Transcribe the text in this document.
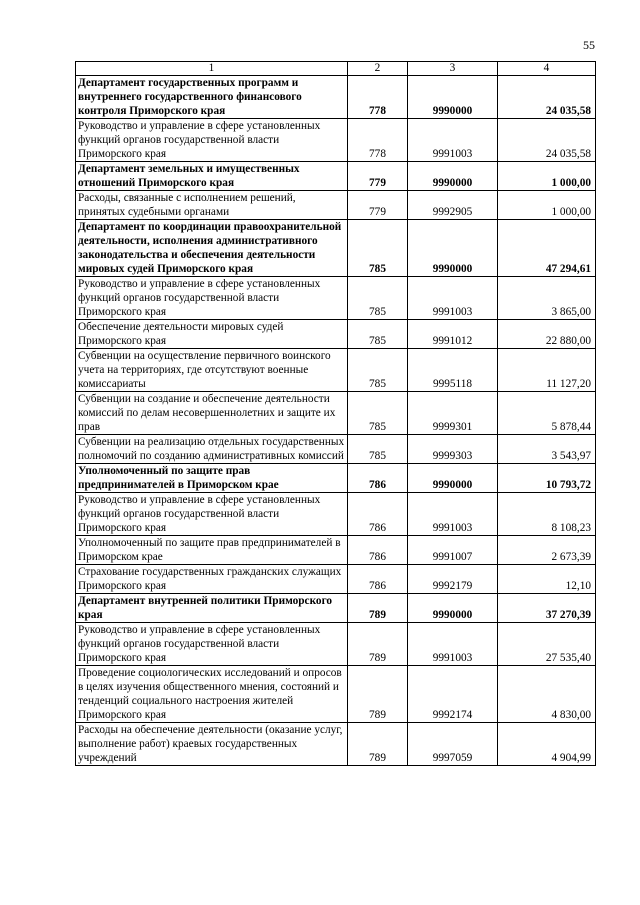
55
1	2	3	4
Департамент государственных программ и внутреннего государственного финансового контроля Приморского края	778	9990000	24 035,58
Руководство и управление в сфере установленных функций органов государственной власти Приморского края	778	9991003	24 035,58
Департамент земельных и имущественных отношений Приморского края	779	9990000	1 000,00
Расходы, связанные с исполнением решений, принятых судебными органами	779	9992905	1 000,00
Департамент по координации правоохранительной деятельности, исполнения административного законодательства и обеспечения деятельности мировых судей Приморского края	785	9990000	47 294,61
Руководство и управление в сфере установленных функций органов государственной власти Приморского края	785	9991003	3 865,00
Обеспечение деятельности мировых судей Приморского края	785	9991012	22 880,00
Субвенции на осуществление первичного воинского учета на территориях, где отсутствуют военные комиссариаты	785	9995118	11 127,20
Субвенции на создание и обеспечение деятельности комиссий по делам несовершеннолетних и защите их прав	785	9999301	5 878,44
Субвенции на реализацию отдельных государственных полномочий по созданию административных комиссий	785	9999303	3 543,97
Уполномоченный по защите прав предпринимателей в Приморском крае	786	9990000	10 793,72
Руководство и управление в сфере установленных функций органов государственной власти Приморского края	786	9991003	8 108,23
Уполномоченный по защите прав предпринимателей в Приморском крае	786	9991007	2 673,39
Страхование государственных гражданских служащих Приморского края	786	9992179	12,10
Департамент внутренней политики Приморского края	789	9990000	37 270,39
Руководство и управление в сфере установленных функций органов государственной власти Приморского края	789	9991003	27 535,40
Проведение социологических исследований и опросов в целях изучения общественного мнения, состояний и тенденций социального настроения жителей Приморского края	789	9992174	4 830,00
Расходы на обеспечение деятельности (оказание услуг, выполнение работ) краевых государственных учреждений	789	9997059	4 904,99
